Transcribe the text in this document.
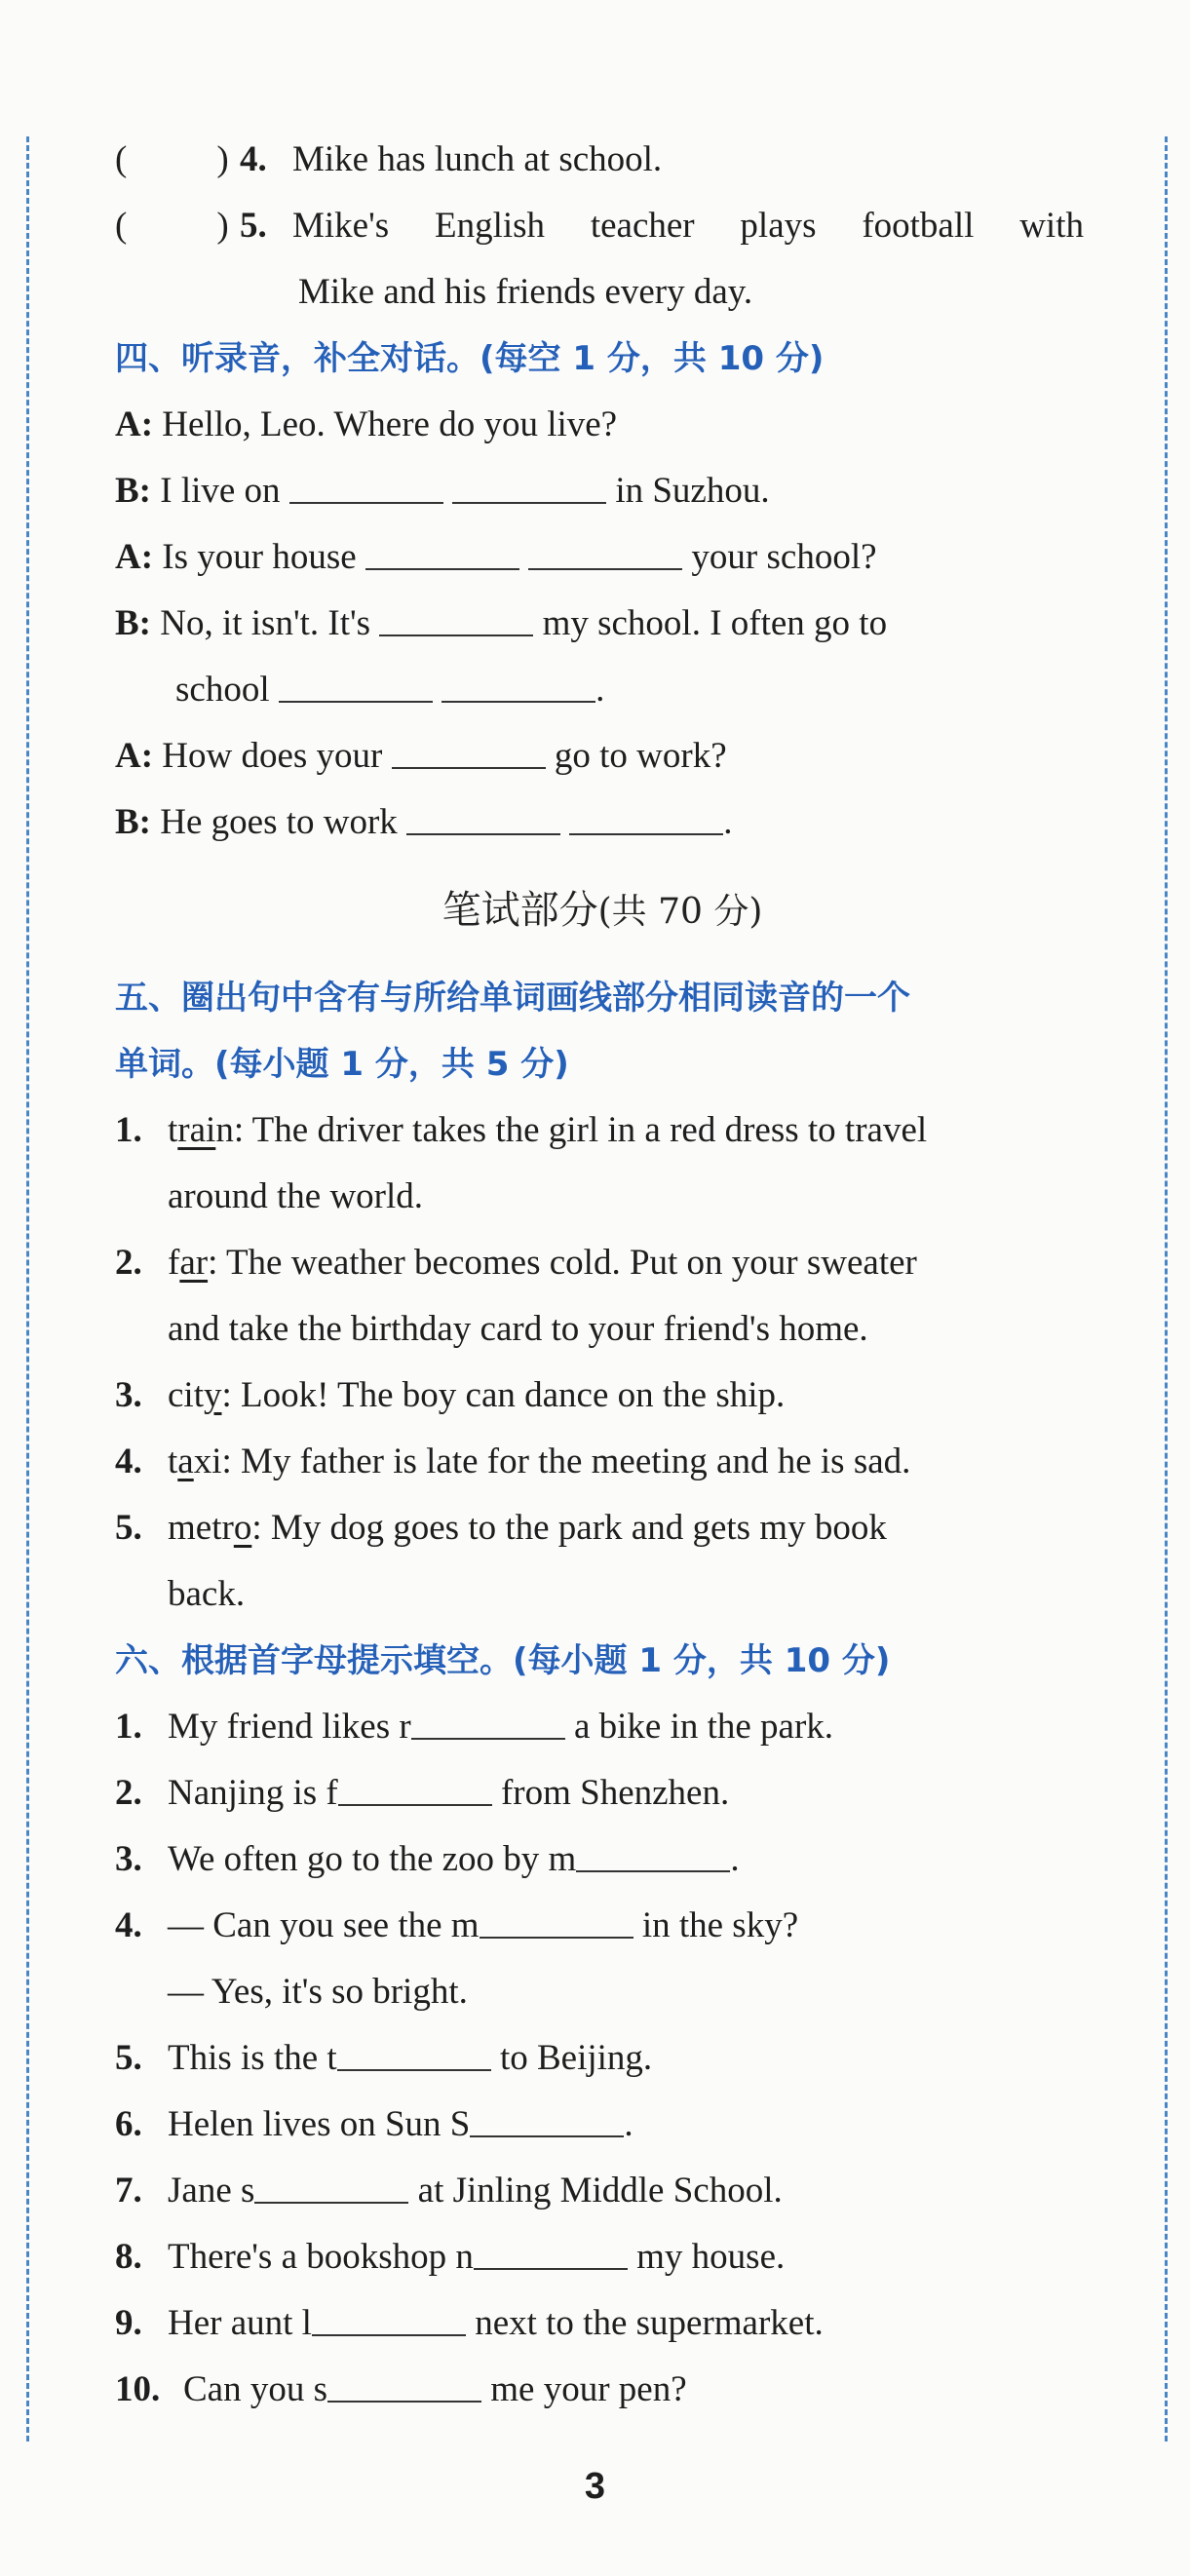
( ) 4. Mike has lunch at school.
( ) 5. Mike's English teacher plays football with
Mike and his friends every day.
四、听录音，补全对话。(每空 1 分，共 10 分)
A: Hello, Leo. Where do you live?
B: I live on	in Suzhou.
A: Is your house	your school?
B: No, it isn't. It's	my school. I often go to
school	.
A: How does your	go to work?
B: He goes to work	.
笔试部分(共 70 分)
五、圈出句中含有与所给单词画线部分相同读音的一个
单词。(每小题 1 分，共 5 分)
1. train: The driver takes the girl in a red dress to travel
around the world.
2. far: The weather becomes cold. Put on your sweater
and take the birthday card to your friend's home.
3. city: Look! The boy can dance on the ship.
4. taxi: My father is late for the meeting and he is sad.
5. metro: My dog goes to the park and gets my book
back.
六、根据首字母提示填空。(每小题 1 分，共 10 分)
1. My friend likes r	a bike in the park.
2. Nanjing is f	from Shenzhen.
3. We often go to the zoo by m	.
4. — Can you see the m	in the sky?
— Yes, it's so bright.
5. This is the t	to Beijing.
6. Helen lives on Sun S	.
7. Jane s	at Jinling Middle School.
8. There's a bookshop n	my house.
9. Her aunt l	next to the supermarket.
10. Can you s	me your pen?
3
